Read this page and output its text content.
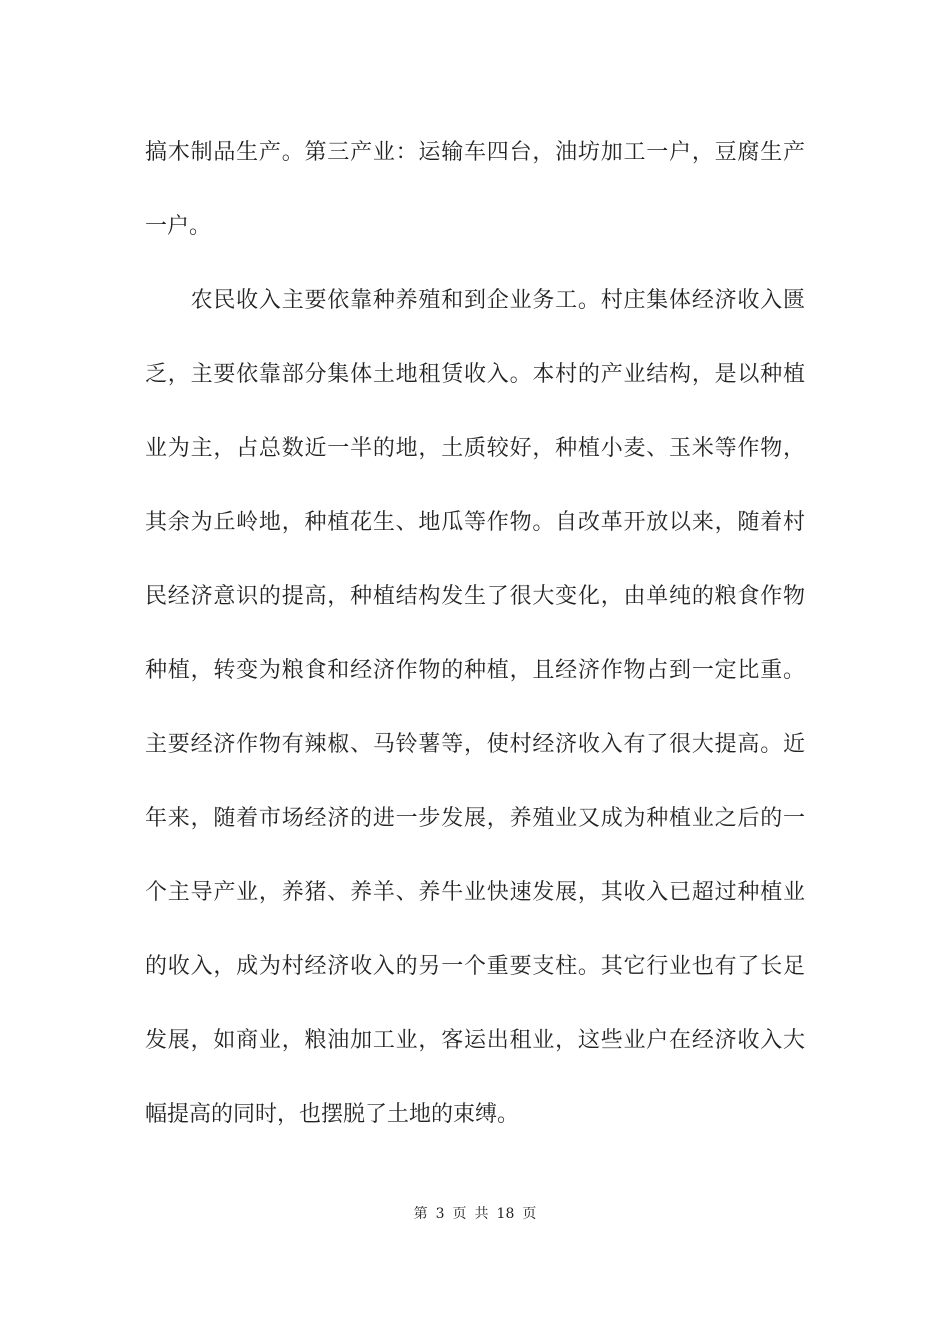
搞木制品生产。第三产业：运输车四台，油坊加工一户，豆腐生产
一户。
　　农民收入主要依靠种养殖和到企业务工。村庄集体经济收入匮
乏，主要依靠部分集体土地租赁收入。本村的产业结构，是以种植
业为主，占总数近一半的地，土质较好，种植小麦、玉米等作物，
其余为丘岭地，种植花生、地瓜等作物。自改革开放以来，随着村
民经济意识的提高，种植结构发生了很大变化，由单纯的粮食作物
种植，转变为粮食和经济作物的种植，且经济作物占到一定比重。
主要经济作物有辣椒、马铃薯等，使村经济收入有了很大提高。近
年来，随着市场经济的进一步发展，养殖业又成为种植业之后的一
个主导产业，养猪、养羊、养牛业快速发展，其收入已超过种植业
的收入，成为村经济收入的另一个重要支柱。其它行业也有了长足
发展，如商业，粮油加工业，客运出租业，这些业户在经济收入大
幅提高的同时，也摆脱了土地的束缚。
第 3 页 共 18 页
